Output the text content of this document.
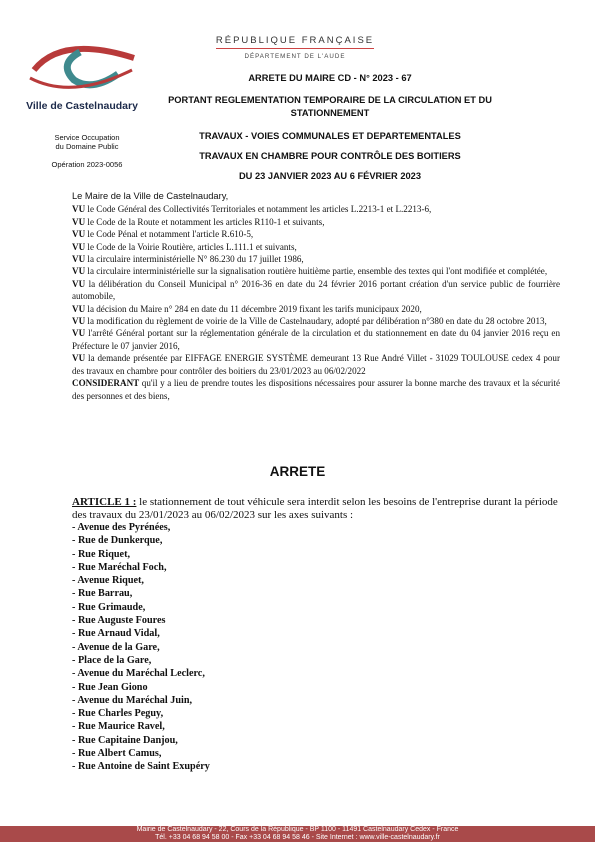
Ville de Castelnaudary
Service Occupation
du Domaine Public
Opération 2023-0056
RÉPUBLIQUE FRANÇAISE
DÉPARTEMENT DE L'AUDE
ARRETE DU MAIRE CD - N° 2023 - 67
PORTANT REGLEMENTATION TEMPORAIRE DE LA CIRCULATION ET DU
STATIONNEMENT
TRAVAUX - VOIES COMMUNALES ET DEPARTEMENTALES
TRAVAUX EN CHAMBRE POUR CONTRÔLE DES BOITIERS
DU 23 JANVIER 2023 AU 6 FÉVRIER 2023

Le Maire de la Ville de Castelnaudary,

VU le Code Général des Collectivités Territoriales et notamment les articles L.2213-1 et L.2213-6,

VU le Code de la Route et notamment les articles R110-1 et suivants,

VU le Code Pénal et notamment l'article R.610-5,

VU le Code de la Voirie Routière, articles L.111.1 et suivants,

VU la circulaire interministérielle N° 86.230 du 17 juillet 1986,

VU la circulaire interministérielle sur la signalisation routière huitième partie, ensemble des textes qui l'ont modifiée et complétée,

VU la délibération du Conseil Municipal n° 2016-36 en date du 24 février 2016 portant création d'un service public de fourrière automobile,

VU la décision du Maire n° 284 en date du 11 décembre 2019 fixant les tarifs municipaux 2020,

VU la modification du règlement de voirie de la Ville de Castelnaudary, adopté par délibération n°380 en date du 28 octobre 2013,

VU l'arrêté Général portant sur la réglementation générale de la circulation et du stationnement en date du 04 janvier 2016 reçu en Préfecture le 07 janvier 2016,

VU la demande présentée par EIFFAGE ENERGIE SYSTÈME demeurant 13 Rue André Villet - 31029 TOULOUSE cedex 4 pour des travaux en chambre pour contrôler des boitiers du 23/01/2023 au 06/02/2022

CONSIDERANT qu'il y a lieu de prendre toutes les dispositions nécessaires pour assurer la bonne marche des travaux et la sécurité des personnes et des biens,

ARRETE
ARTICLE 1 : le stationnement de tout véhicule sera interdit selon les besoins de l'entreprise durant la période des travaux du 23/01/2023 au 06/02/2023 sur les axes suivants :
- Avenue des Pyrénées,
- Rue de Dunkerque,
- Rue Riquet,
- Rue Maréchal Foch,
- Avenue Riquet,
- Rue Barrau,
- Rue Grimaude,
- Rue Auguste Foures
- Rue Arnaud Vidal,
- Avenue de la Gare,
- Place de la Gare,
- Avenue du Maréchal Leclerc,
- Rue Jean Giono
- Avenue du Maréchal Juin,
- Rue Charles Peguy,
- Rue Maurice Ravel,
- Rue Capitaine Danjou,
- Rue Albert Camus,
- Rue Antoine de Saint Exupéry
Mairie de Castelnaudary - 22, Cours de la République - BP 1100 - 11491 Castelnaudary Cedex - France
Tél. +33 04 68 94 58 00 - Fax +33 04 68 94 58 46 - Site Internet : www.ville-castelnaudary.fr
